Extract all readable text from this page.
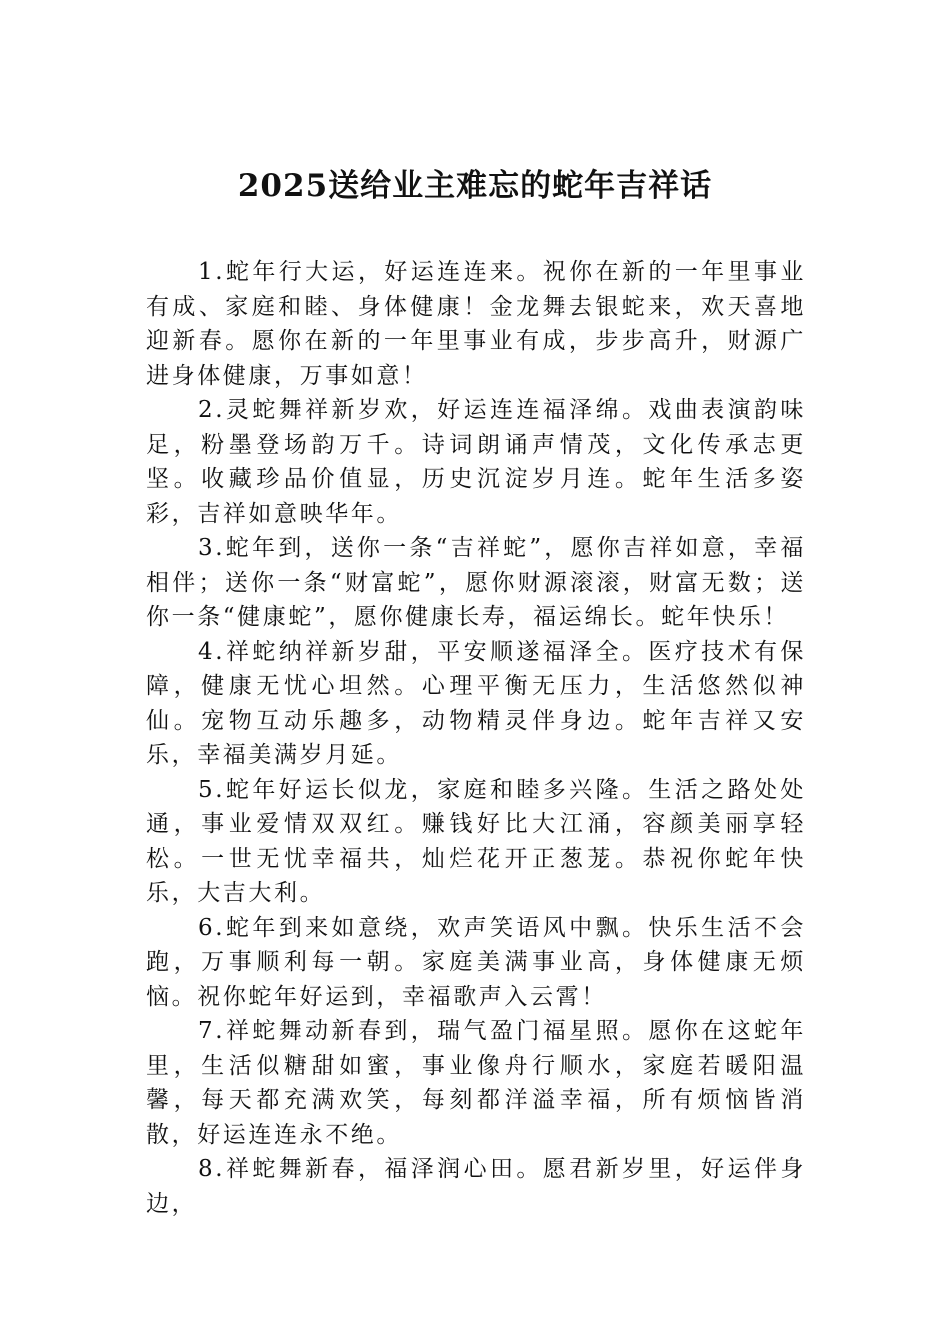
2025送给业主难忘的蛇年吉祥话

1.蛇年行大运，好运连连来。祝你在新的一年里事业有成、家庭和睦、身体健康！金龙舞去银蛇来，欢天喜地迎新春。愿你在新的一年里事业有成，步步高升，财源广进身体健康，万事如意！

2.灵蛇舞祥新岁欢，好运连连福泽绵。戏曲表演韵味足，粉墨登场韵万千。诗词朗诵声情茂，文化传承志更坚。收藏珍品价值显，历史沉淀岁月连。蛇年生活多姿彩，吉祥如意映华年。

3.蛇年到，送你一条“吉祥蛇”，愿你吉祥如意，幸福相伴；送你一条“财富蛇”，愿你财源滚滚，财富无数；送你一条“健康蛇”，愿你健康长寿，福运绵长。蛇年快乐！

4.祥蛇纳祥新岁甜，平安顺遂福泽全。医疗技术有保障，健康无忧心坦然。心理平衡无压力，生活悠然似神仙。宠物互动乐趣多，动物精灵伴身边。蛇年吉祥又安乐，幸福美满岁月延。

5.蛇年好运长似龙，家庭和睦多兴隆。生活之路处处通，事业爱情双双红。赚钱好比大江涌，容颜美丽享轻松。一世无忧幸福共，灿烂花开正葱茏。恭祝你蛇年快乐，大吉大利。

6.蛇年到来如意绕，欢声笑语风中飘。快乐生活不会跑，万事顺利每一朝。家庭美满事业高，身体健康无烦恼。祝你蛇年好运到，幸福歌声入云霄！

7.祥蛇舞动新春到，瑞气盈门福星照。愿你在这蛇年里，生活似糖甜如蜜，事业像舟行顺水，家庭若暖阳温馨，每天都充满欢笑，每刻都洋溢幸福，所有烦恼皆消散，好运连连永不绝。

8.祥蛇舞新春，福泽润心田。愿君新岁里，好运伴身边，
